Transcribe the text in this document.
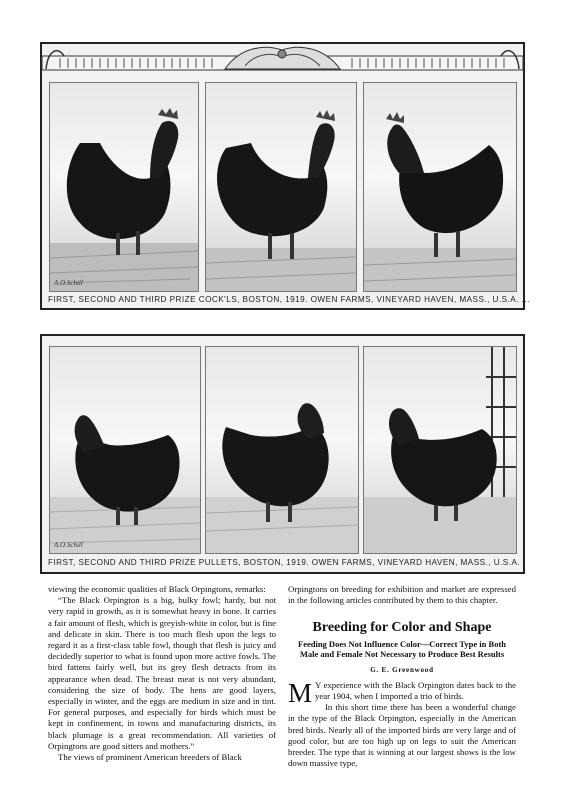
A.O.Schill
FIRST, SECOND AND THIRD PRIZE COCK'LS, BOSTON, 1919. OWEN FARMS, VINEYARD HAVEN, MASS., U.S.A. ...
A.O.Schill
FIRST, SECOND AND THIRD PRIZE PULLETS, BOSTON, 1919. OWEN FARMS, VINEYARD HAVEN, MASS., U.S.A.

viewing the economic qualities of Black Orpingtons, remarks:

“The Black Orpington is a big, bulky fowl; hardy, but not very rapid in growth, as it is somewhat heavy in bone. It carries a fair amount of flesh, which is greyish-white in color, but is fine and delicate in skin. There is too much flesh upon the legs to regard it as a first-class table fowl, though that flesh is juicy and decidedly superior to what is found upon more active fowls. The bird fattens fairly well, but its grey flesh detracts from its appearance when dead. The breast meat is not very abundant, considering the size of body. The hens are good layers, especially in winter, and the eggs are medium in size and in tint. For general purposes, and especially for birds which must be kept in confinement, in towns and manufacturing districts, its black plumage is a great recommendation. All varieties of Orpingtons are good sitters and mothers.”

The views of prominent American breeders of Black

Orpingtons on breeding for exhibition and market are expressed in the following articles contributed by them to this chapter.

Breeding for Color and Shape
Feeding Does Not Influence Color—Correct Type in Both Male and Female Not Necessary to Produce Best Results
G. E. Greenwood

M Y experience with the Black Orpington dates back to the year 1904, when I imported a trio of birds.

In this short time there has been a wonderful change in the type of the Black Orpington, especially in the American bred birds. Nearly all of the imported birds are very large and of good color, but are too high up on legs to suit the American breeder. The type that is winning at our largest shows is the low down massive type,
